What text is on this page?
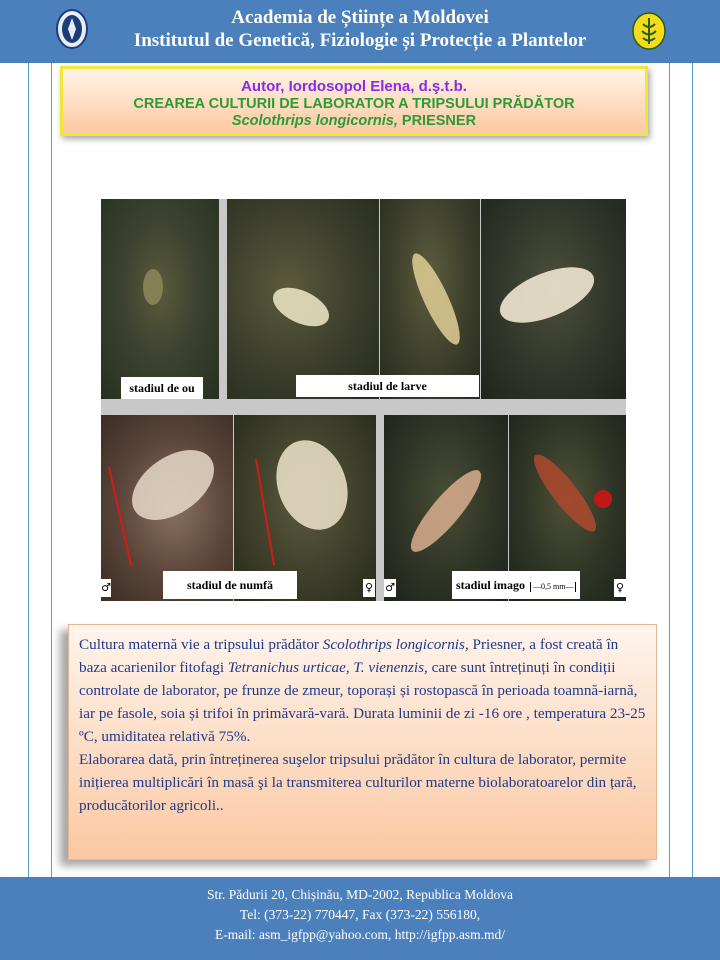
Academia de Științe a Moldovei
Institutul de Genetică, Fiziologie și Protecție a Plantelor
Autor, Iordosopol Elena, d.ş.t.b.
CREAREA CULTURII DE LABORATOR A TRIPSULUI PRĂDĂTOR
Scolothrips longicornis, PRIESNER
stadiul de ou	stadiul de larve
♂	stadiul de numfă	♀ ♂	stadiul imago —0,5 mm—	♀

Cultura maternă vie a tripsului prădător Scolothrips longicornis, Priesner, a fost creată în baza acarienilor fitofagi Tetranichus urticae, T. vienenzis, care sunt întreținuți în condiții controlate de laborator, pe frunze de zmeur, toporași și rostopască în perioada toamnă-iarnă, iar pe fasole, soia și trifoi în primăvară-vară. Durata luminii de zi -16 ore , temperatura 23-25 ºC, umiditatea relativă 75%.

Elaborarea dată, prin întreținerea suşelor tripsului prădător în cultura de laborator, permite inițierea multiplicări în masă şi la transmiterea culturilor materne biolaboratoarelor din țară, producătorilor agricoli..

Str. Pădurii 20, Chișinău, MD-2002, Republica Moldova
Tel: (373-22) 770447, Fax (373-22) 556180,
E-mail: asm_igfpp@yahoo.com, http://igfpp.asm.md/
